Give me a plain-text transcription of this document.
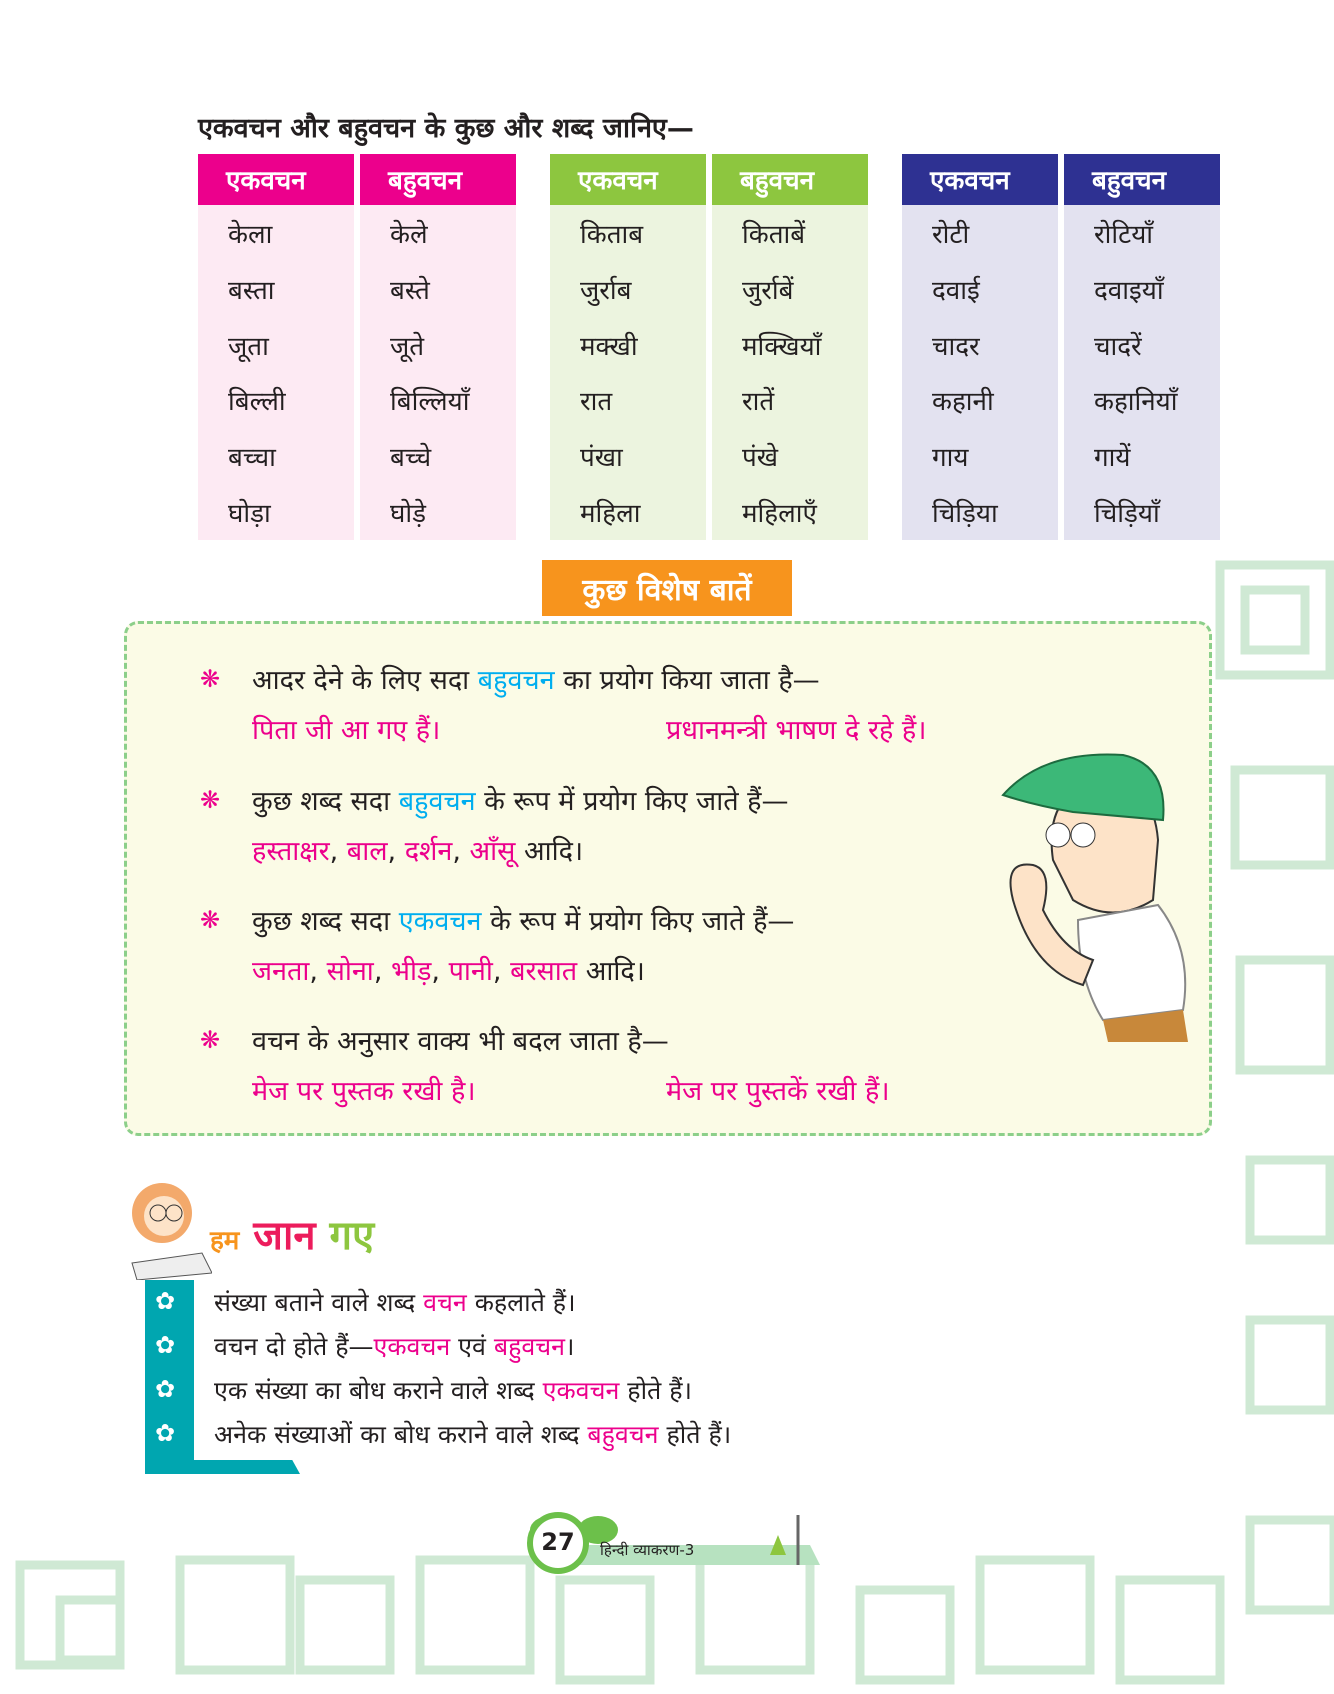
एकवचन और बहुवचन के कुछ और शब्द जानिए—
एकवचन
केला
बस्ता
जूता
बिल्ली
बच्चा
घोड़ा
बहुवचन
केले
बस्ते
जूते
बिल्लियाँ
बच्चे
घोड़े
एकवचन
किताब
जुर्राब
मक्खी
रात
पंखा
महिला
बहुवचन
किताबें
जुर्राबें
मक्खियाँ
रातें
पंखे
महिलाएँ
एकवचन
रोटी
दवाई
चादर
कहानी
गाय
चिड़िया
बहुवचन
रोटियाँ
दवाइयाँ
चादरें
कहानियाँ
गायें
चिड़ियाँ
कुछ विशेष बातें
❋ आदर देने के लिए सदा बहुवचन का प्रयोग किया जाता है—
पिता जी आ गए हैं।	प्रधानमन्त्री भाषण दे रहे हैं।
❋ कुछ शब्द सदा बहुवचन के रूप में प्रयोग किए जाते हैं—
हस्ताक्षर, बाल, दर्शन, आँसू आदि।
❋ कुछ शब्द सदा एकवचन के रूप में प्रयोग किए जाते हैं—
जनता, सोना, भीड़, पानी, बरसात आदि।
❋ वचन के अनुसार वाक्य भी बदल जाता है—
मेज पर पुस्तक रखी है।	मेज पर पुस्तकें रखी हैं।
हम जान गए
✿ संख्या बताने वाले शब्द वचन कहलाते हैं।
✿ वचन दो होते हैं—एकवचन एवं बहुवचन।
✿ एक संख्या का बोध कराने वाले शब्द एकवचन होते हैं।
✿ अनेक संख्याओं का बोध कराने वाले शब्द बहुवचन होते हैं।
27 हिन्दी व्याकरण-3
